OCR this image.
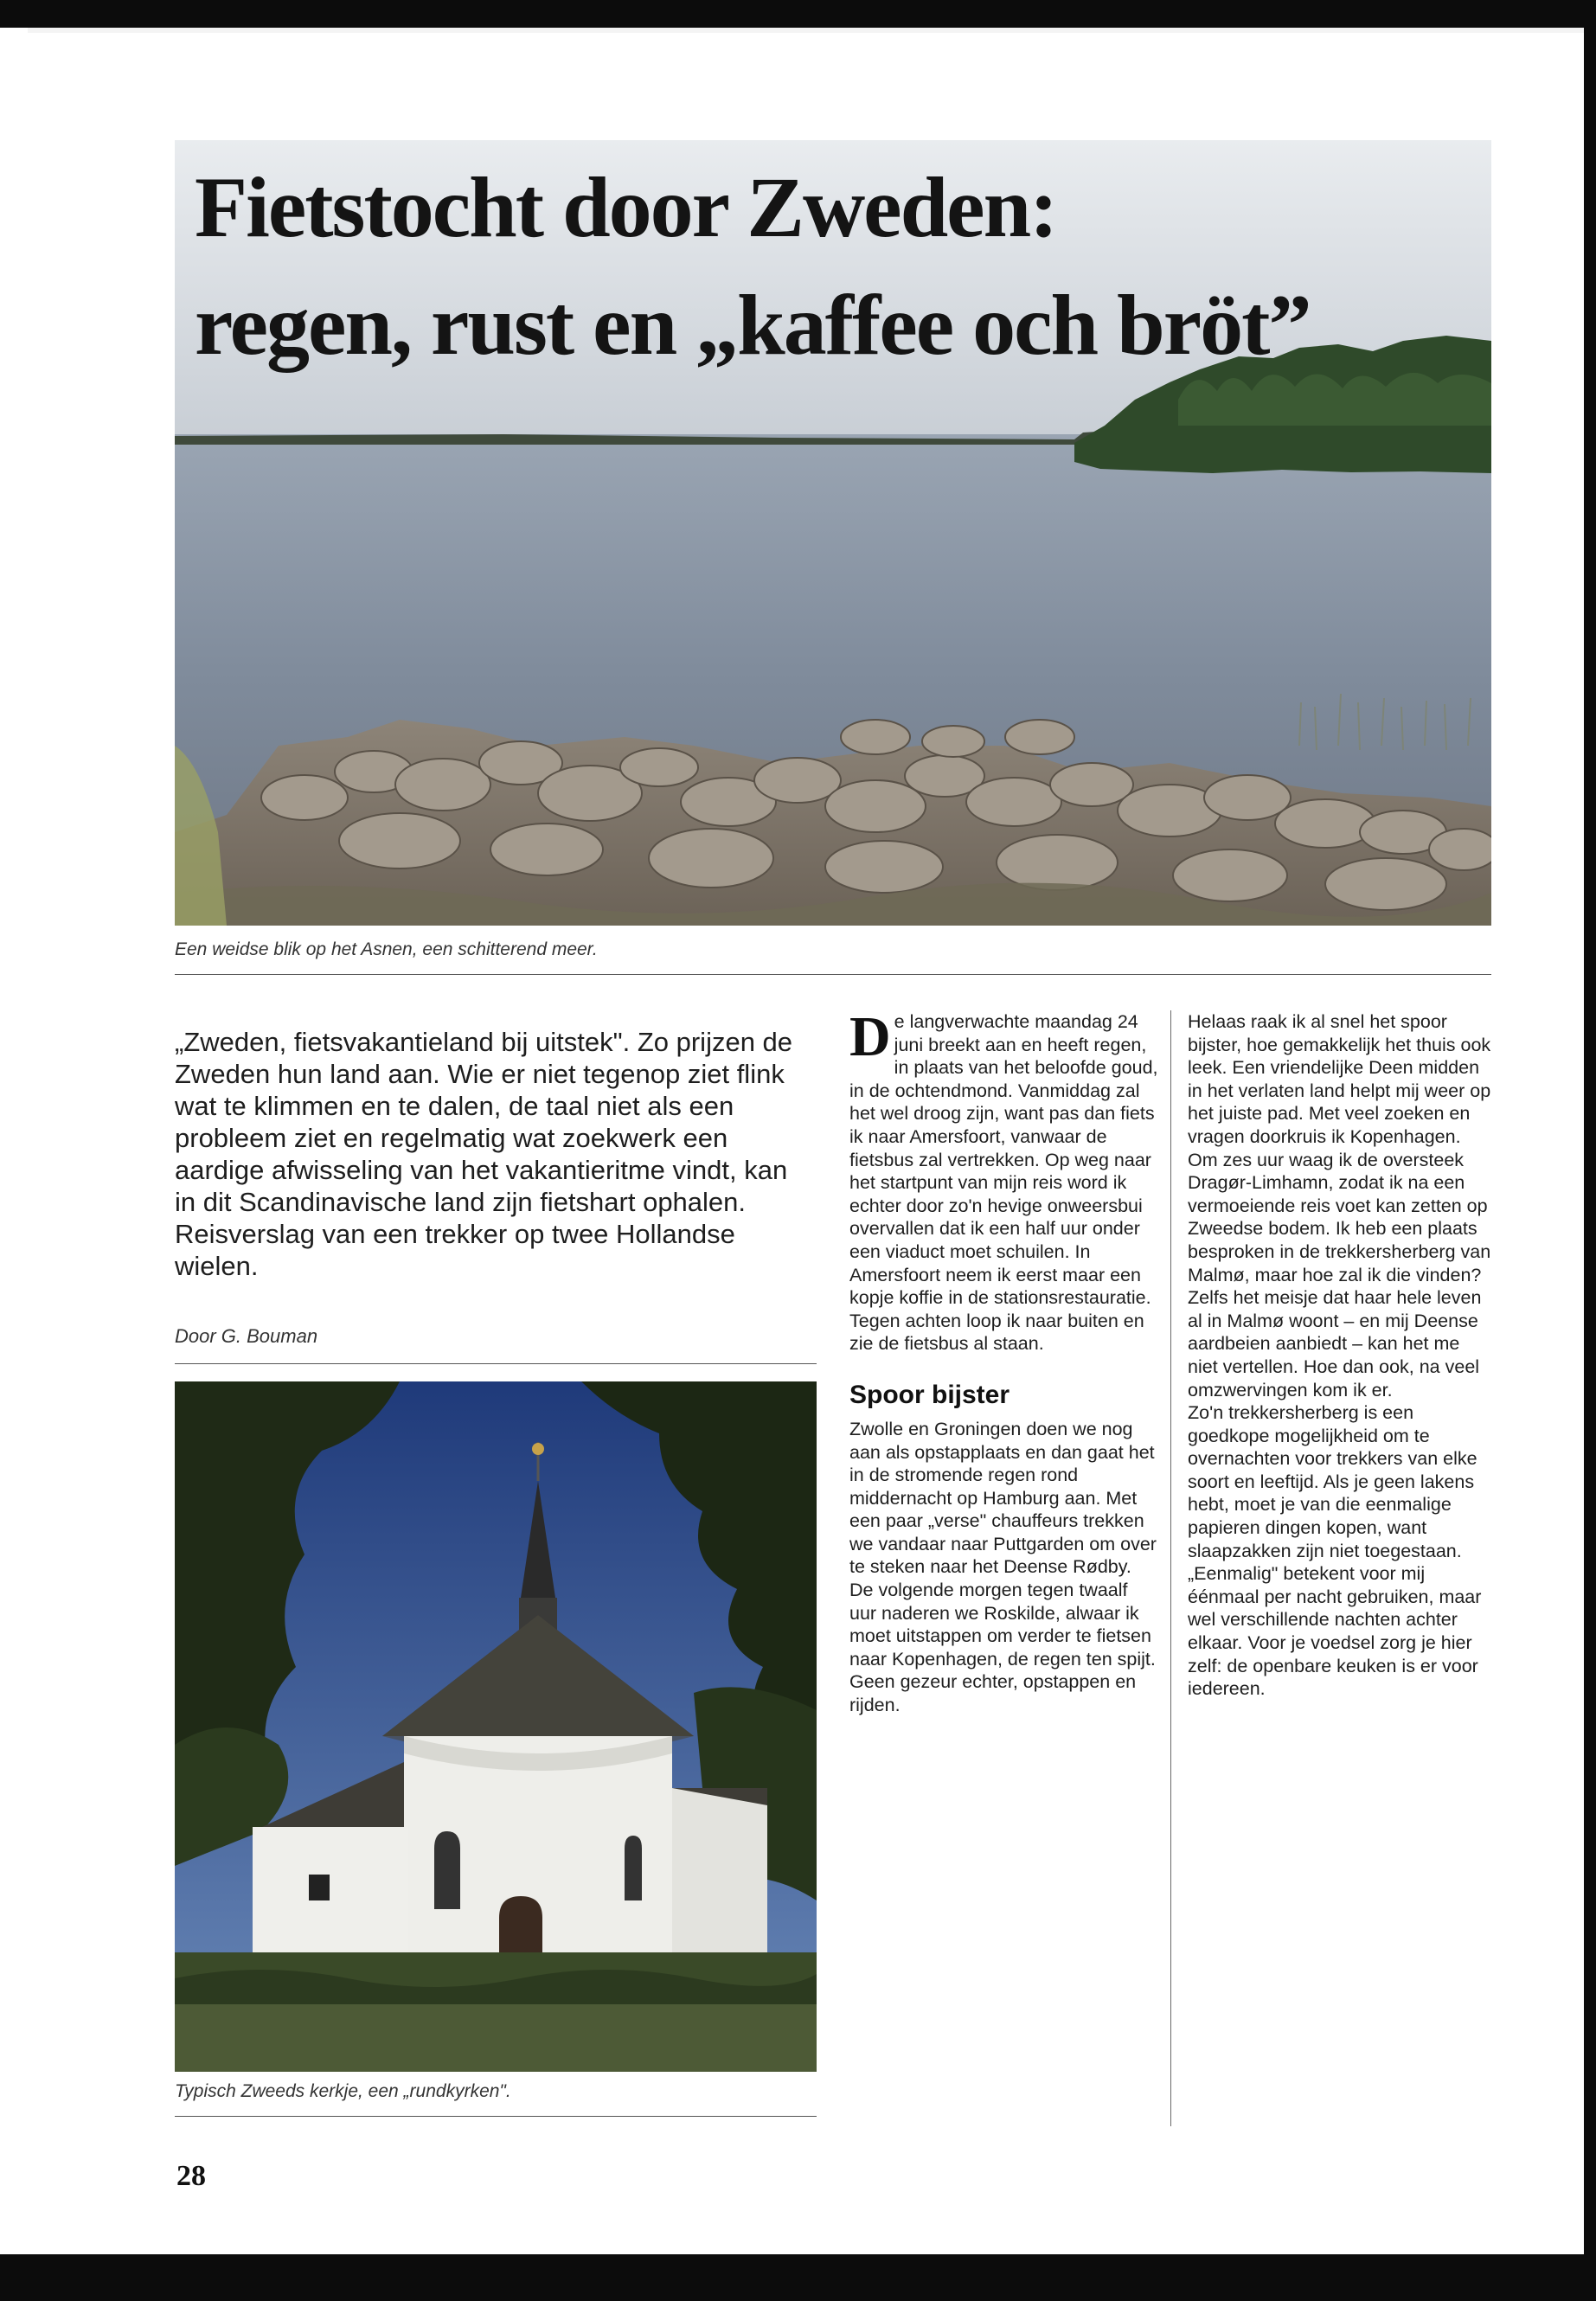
Fietstocht door Zweden:
regen, rust en „kaffee och bröt”
Een weidse blik op het Asnen, een schitterend meer.

„Zweden, fietsvakantieland bij uitstek". Zo prijzen de Zweden hun land aan. Wie er niet tegenop ziet flink wat te klimmen en te dalen, de taal niet als een probleem ziet en regelmatig wat zoekwerk een aardige afwisseling van het vakantieritme vindt, kan in dit Scandinavische land zijn fietshart ophalen. Reisverslag van een trekker op twee Hollandse wielen.

Door G. Bouman
Typisch Zweeds kerkje, een „rundkyrken".

De langverwachte maandag 24 juni breekt aan en heeft regen, in plaats van het beloofde goud, in de ochtendmond. Vanmiddag zal het wel droog zijn, want pas dan fiets ik naar Amersfoort, vanwaar de fietsbus zal vertrekken. Op weg naar het startpunt van mijn reis word ik echter door zo'n hevige onweersbui overvallen dat ik een half uur onder een viaduct moet schuilen. In Amersfoort neem ik eerst maar een kopje koffie in de stationsrestauratie. Tegen achten loop ik naar buiten en zie de fietsbus al staan.

Spoor bijster

Zwolle en Groningen doen we nog aan als opstapplaats en dan gaat het in de stromende regen rond middernacht op Hamburg aan. Met een paar „verse" chauffeurs trekken we vandaar naar Puttgarden om over te steken naar het Deense Rødby. De volgende morgen tegen twaalf uur naderen we Roskilde, alwaar ik moet uitstappen om verder te fietsen naar Kopenhagen, de regen ten spijt. Geen gezeur echter, opstappen en rijden.

Helaas raak ik al snel het spoor bijster, hoe gemakkelijk het thuis ook leek. Een vriendelijke Deen midden in het verlaten land helpt mij weer op het juiste pad. Met veel zoeken en vragen doorkruis ik Kopenhagen. Om zes uur waag ik de oversteek Dragør-Limhamn, zodat ik na een vermoeiende reis voet kan zetten op Zweedse bodem. Ik heb een plaats besproken in de trekkersherberg van Malmø, maar hoe zal ik die vinden? Zelfs het meisje dat haar hele leven al in Malmø woont – en mij Deense aardbeien aanbiedt – kan het me niet vertellen. Hoe dan ook, na veel omzwervingen kom ik er.

Zo'n trekkersherberg is een goedkope mogelijkheid om te overnachten voor trekkers van elke soort en leeftijd. Als je geen lakens hebt, moet je van die eenmalige papieren dingen kopen, want slaapzakken zijn niet toegestaan. „Eenmalig" betekent voor mij éénmaal per nacht gebruiken, maar wel verschillende nachten achter elkaar. Voor je voedsel zorg je hier zelf: de openbare keuken is er voor iedereen.

28
